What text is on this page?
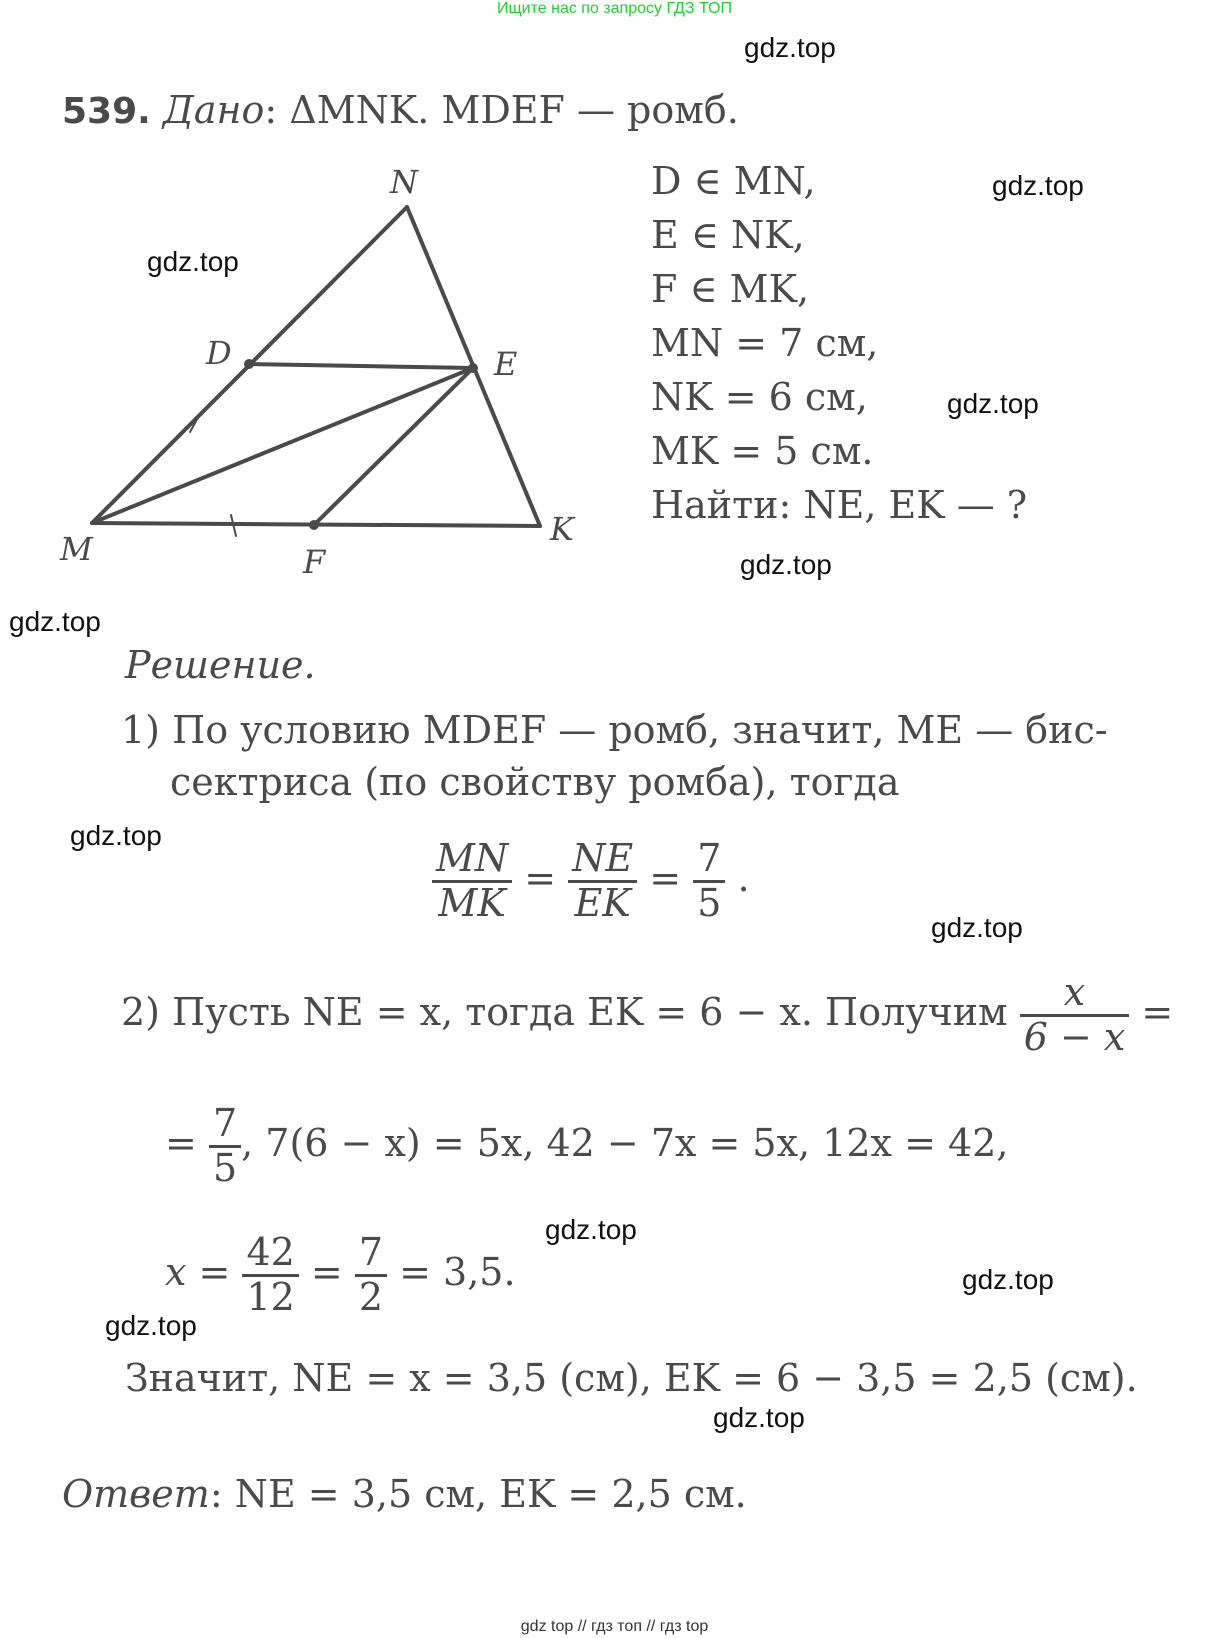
Ищите нас по запросу ГДЗ ТОП
gdz.top
gdz.top
gdz.top
gdz.top
gdz.top
gdz.top
gdz.top
gdz.top
gdz.top
gdz.top
gdz.top
gdz.top
539. Дано: ΔMNK. MDEF — ромб.
D ∈ MN,
E ∈ NK,
F ∈ MK,
MN = 7 см,
NK = 6 см,
MK = 5 см.
Найти: NE, EK — ?
N
D	E
M	F
K
Решение.
1) По условию MDEF — ромб, значит, ME — бис-
сектриса (по свойству ромба), тогда
$\frac{MN}{MK} = \frac{NE}{EK} = \frac{7}{5}$ .
2) Пусть NE = x, тогда EK = 6 − x. Получим $\frac{x}{6 - x}$ =
= $\frac{7}{5}$ , 7(6 − x) = 5x, 42 − 7x = 5x, 12x = 42,
$x = \frac{42}{12} = \frac{7}{2} = 3,5$.
Значит, NE = x = 3,5 (см), EK = 6 − 3,5 = 2,5 (см).
Ответ: NE = 3,5 см, EK = 2,5 см.
gdz top // гдз топ // гдз top
